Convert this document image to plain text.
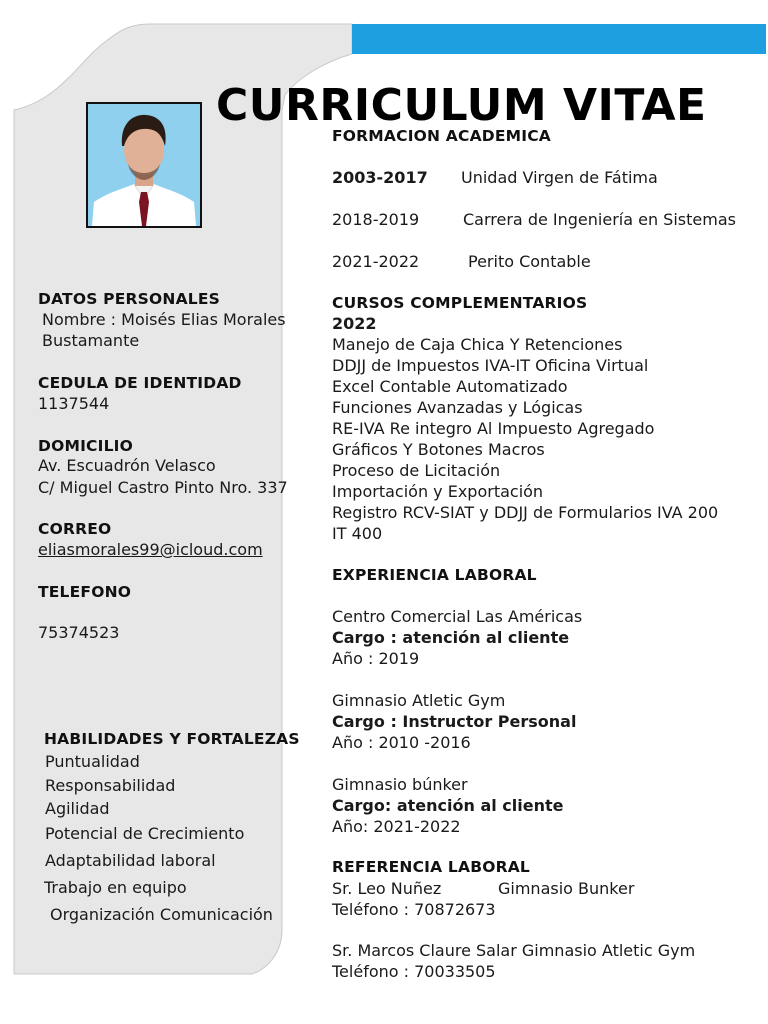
CURRICULUM VITAE
DATOS PERSONALES
Nombre : Moisés Elias Morales
Bustamante
CEDULA DE IDENTIDAD
1137544
DOMICILIO
Av. Escuadrón Velasco
C/ Miguel Castro Pinto Nro. 337
CORREO
eliasmorales99@icloud.com
TELEFONO
75374523
HABILIDADES Y FORTALEZAS
Puntualidad
Responsabilidad
Agilidad
Potencial de Crecimiento
Adaptabilidad laboral
Trabajo en equipo
Organización Comunicación
FORMACION ACADEMICA
2003-2017 Unidad Virgen de Fátima
2018-2019	Carrera de Ingeniería en Sistemas
2021-2022	Perito Contable
CURSOS COMPLEMENTARIOS
2022
Manejo de Caja Chica Y Retenciones
DDJJ de Impuestos IVA-IT Oficina Virtual
Excel Contable Automatizado
Funciones Avanzadas y Lógicas
RE-IVA Re integro Al Impuesto Agregado
Gráficos Y Botones Macros
Proceso de Licitación
Importación y Exportación
Registro RCV-SIAT y DDJJ de Formularios IVA 200
IT 400
EXPERIENCIA LABORAL
Centro Comercial Las Américas
Cargo : atención al cliente
Año : 2019
Gimnasio Atletic Gym
Cargo : Instructor Personal
Año : 2010 -2016
Gimnasio búnker
Cargo: atención al cliente
Año: 2021-2022
REFERENCIA LABORAL
Sr. Leo Nuñez	Gimnasio Bunker
Teléfono : 70872673
Sr. Marcos Claure Salar Gimnasio Atletic Gym
Teléfono : 70033505
